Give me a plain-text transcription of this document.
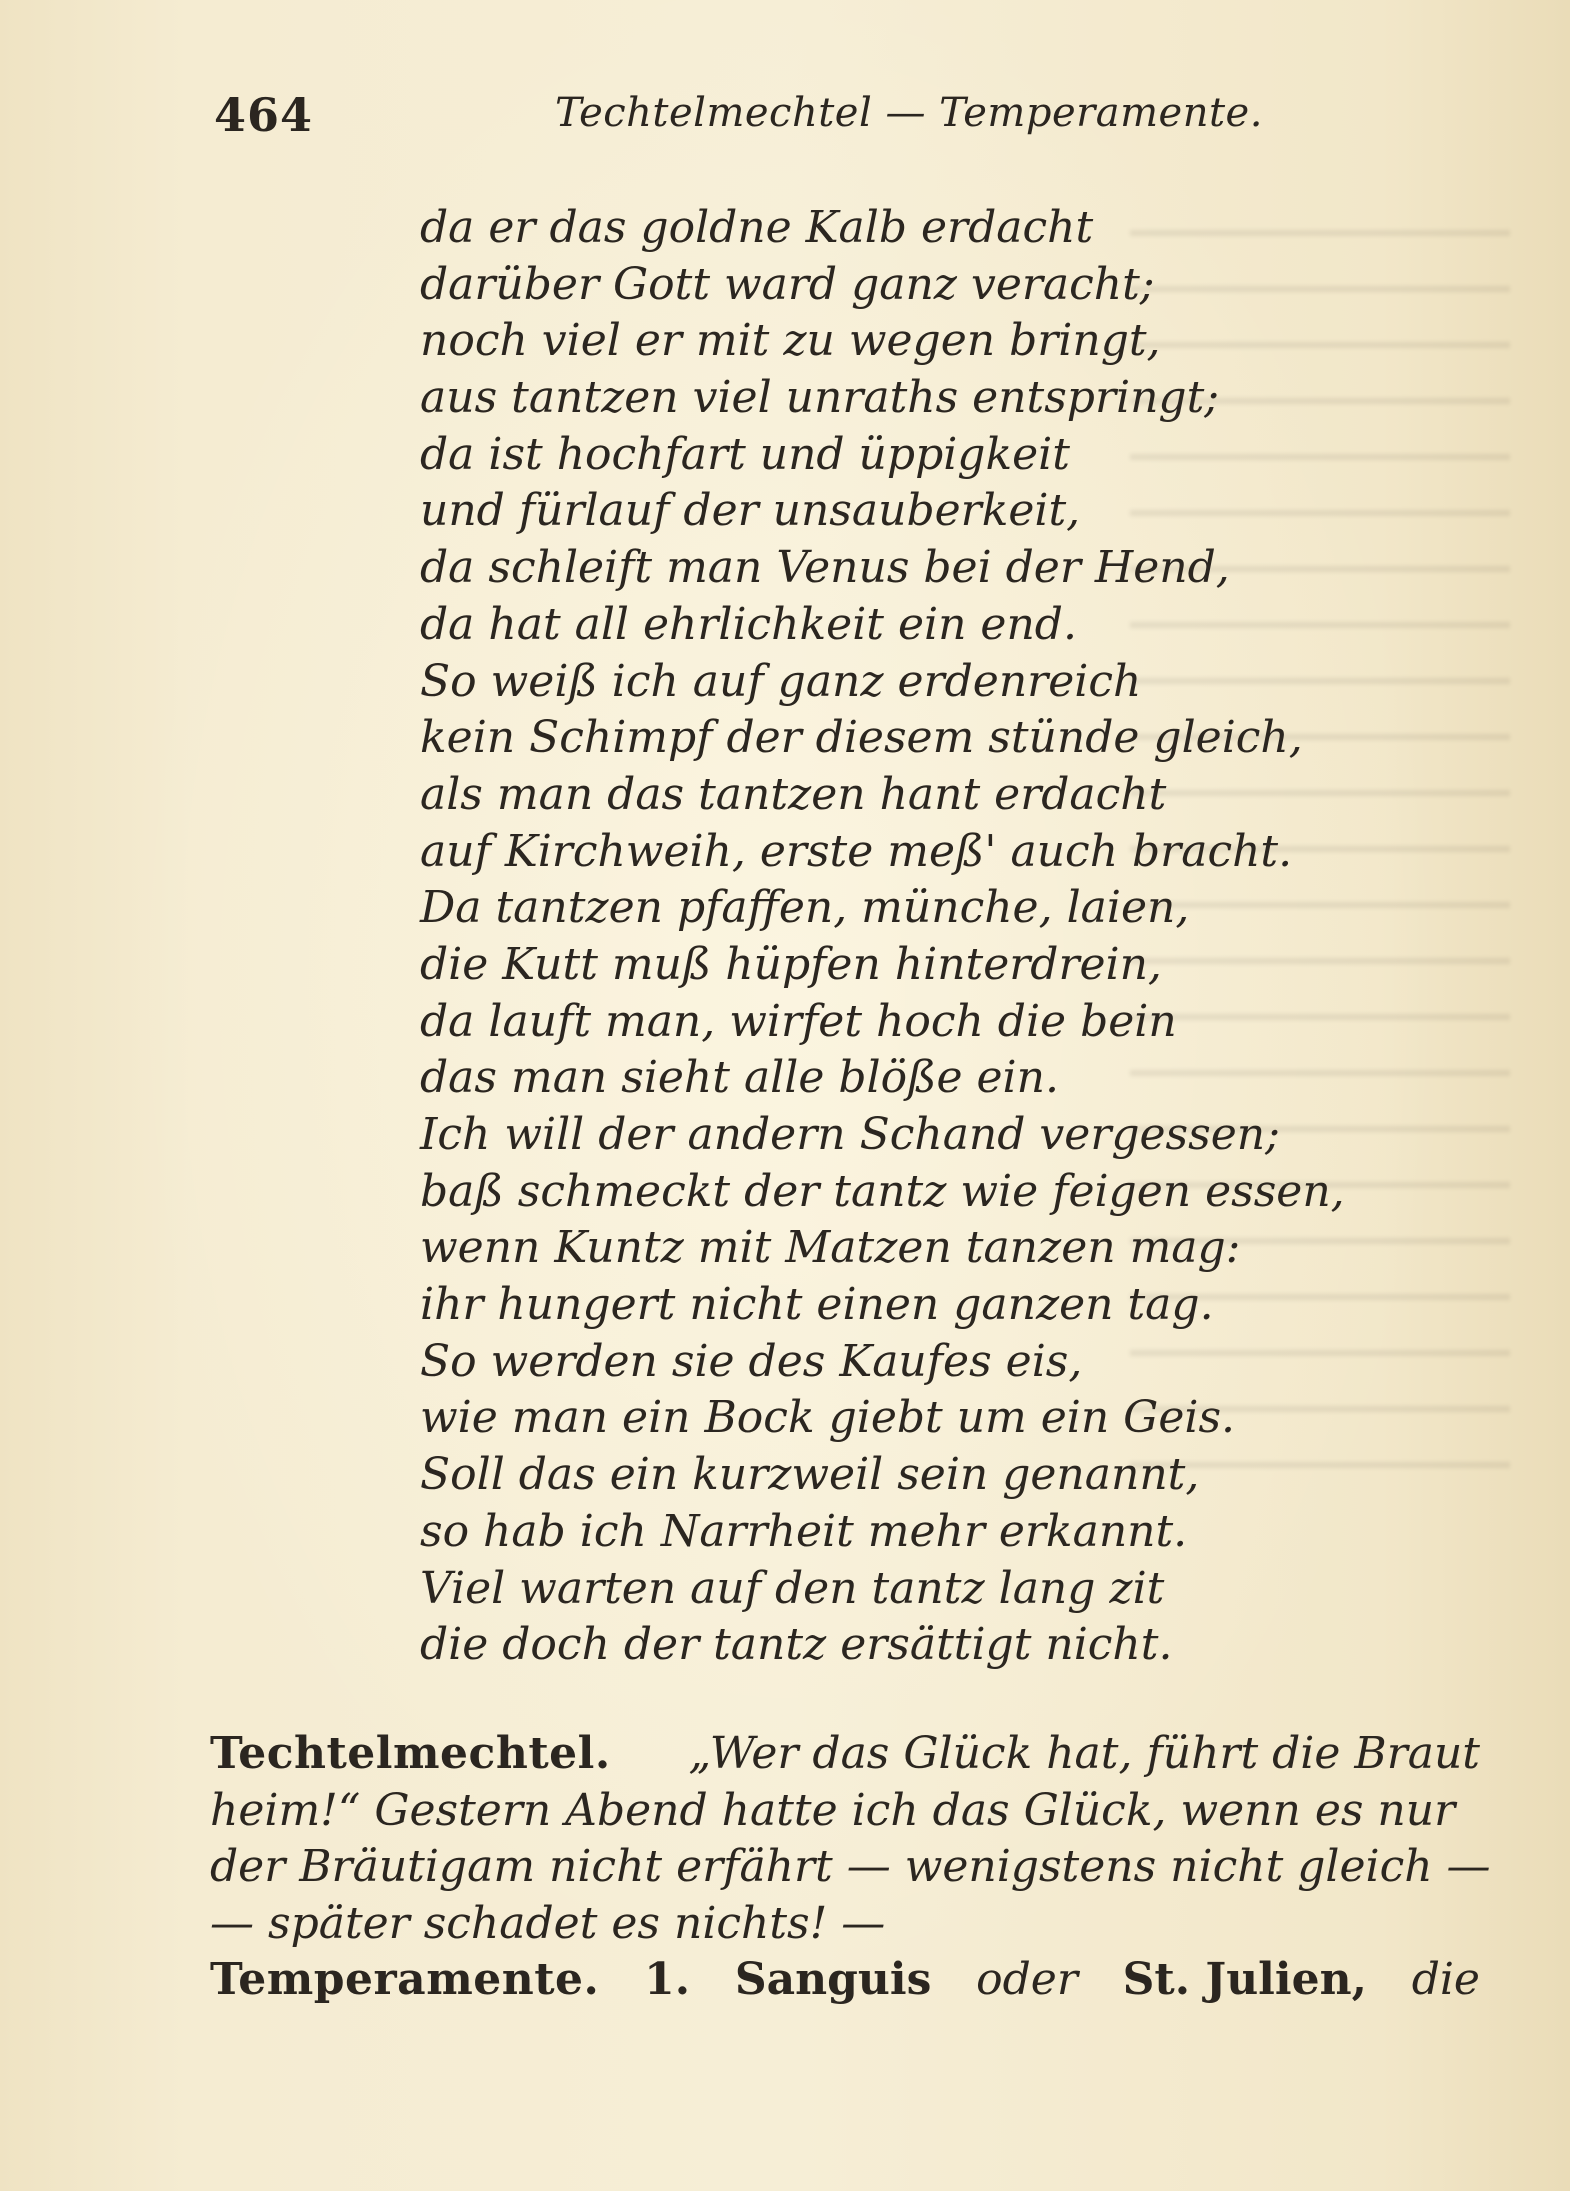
464	Techtelmechtel — Temperamente.
da er das goldne Kalb erdacht
darüber Gott ward ganz veracht;
noch viel er mit zu wegen bringt,
aus tantzen viel unraths entspringt;
da ist hochfart und üppigkeit
und fürlauf der unsauberkeit,
da schleift man Venus bei der Hend,
da hat all ehrlichkeit ein end.
So weiß ich auf ganz erdenreich
kein Schimpf der diesem stünde gleich,
als man das tantzen hant erdacht
auf Kirchweih, erste meß' auch bracht.
Da tantzen pfaffen, münche, laien,
die Kutt muß hüpfen hinterdrein,
da lauft man, wirfet hoch die bein
das man sieht alle blöße ein.
Ich will der andern Schand vergessen;
baß schmeckt der tantz wie feigen essen,
wenn Kuntz mit Matzen tanzen mag:
ihr hungert nicht einen ganzen tag.
So werden sie des Kaufes eis,
wie man ein Bock giebt um ein Geis.
Soll das ein kurzweil sein genannt,
so hab ich Narrheit mehr erkannt.
Viel warten auf den tantz lang zit
die doch der tantz ersättigt nicht.
Techtelmechtel. „Wer das Glück hat, führt die Braut
heim!“ Gestern Abend hatte ich das Glück, wenn es nur
der Bräutigam nicht erfährt — wenigstens nicht gleich —
— später schadet es nichts! —
Temperamente. 1. Sanguis oder St. Julien, die
